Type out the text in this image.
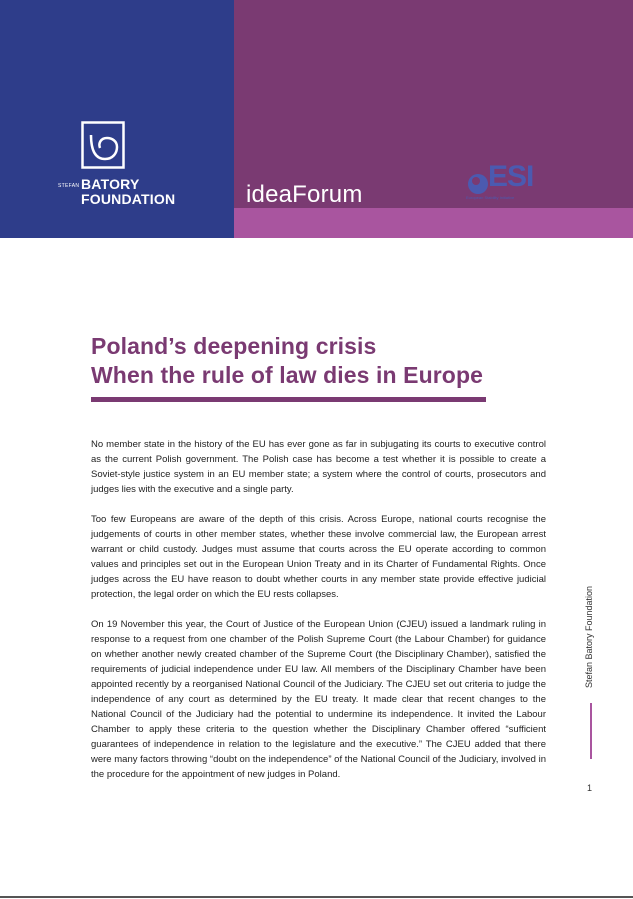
STEFAN BATORY
FOUNDATION	ideaForum
ESI
European Stability Initiative
Poland’s deepening crisis
When the rule of law dies in Europe

No member state in the history of the EU has ever gone as far in subjugating its courts to executive control as the current Polish government. The Polish case has become a test whether it is possible to create a Soviet-style justice system in an EU member state; a system where the control of courts, prosecutors and judges lies with the executive and a single party.

Too few Europeans are aware of the depth of this crisis. Across Europe, national courts recognise the judgements of courts in other member states, whether these involve commercial law, the European arrest warrant or child custody. Judges must assume that courts across the EU operate according to common values and principles set out in the European Union Treaty and in its Charter of Fundamental Rights. Once judges across the EU have reason to doubt whether courts in any member state provide effective judicial protection, the legal order on which the EU rests collapses.

On 19 November this year, the Court of Justice of the European Union (CJEU) issued a landmark ruling in response to a request from one chamber of the Polish Supreme Court (the Labour Chamber) for guidance on whether another newly created chamber of the Supreme Court (the Disciplinary Chamber), satisfied the requirements of judicial independence under EU law. All members of the Disciplinary Chamber have been appointed recently by a reorganised National Council of the Judiciary. The CJEU set out criteria to judge the independence of any court as determined by the EU treaty. It made clear that recent changes to the National Council of the Judiciary had the potential to undermine its independence. It invited the Labour Chamber to apply these criteria to the question whether the Disciplinary Chamber offered “sufficient guarantees of independence in relation to the legislature and the executive.” The CJEU added that there were many factors throwing “doubt on the independence” of the National Council of the Judiciary, involved in the procedure for the appointment of new judges in Poland.

Stefan Batory Foundation
1
